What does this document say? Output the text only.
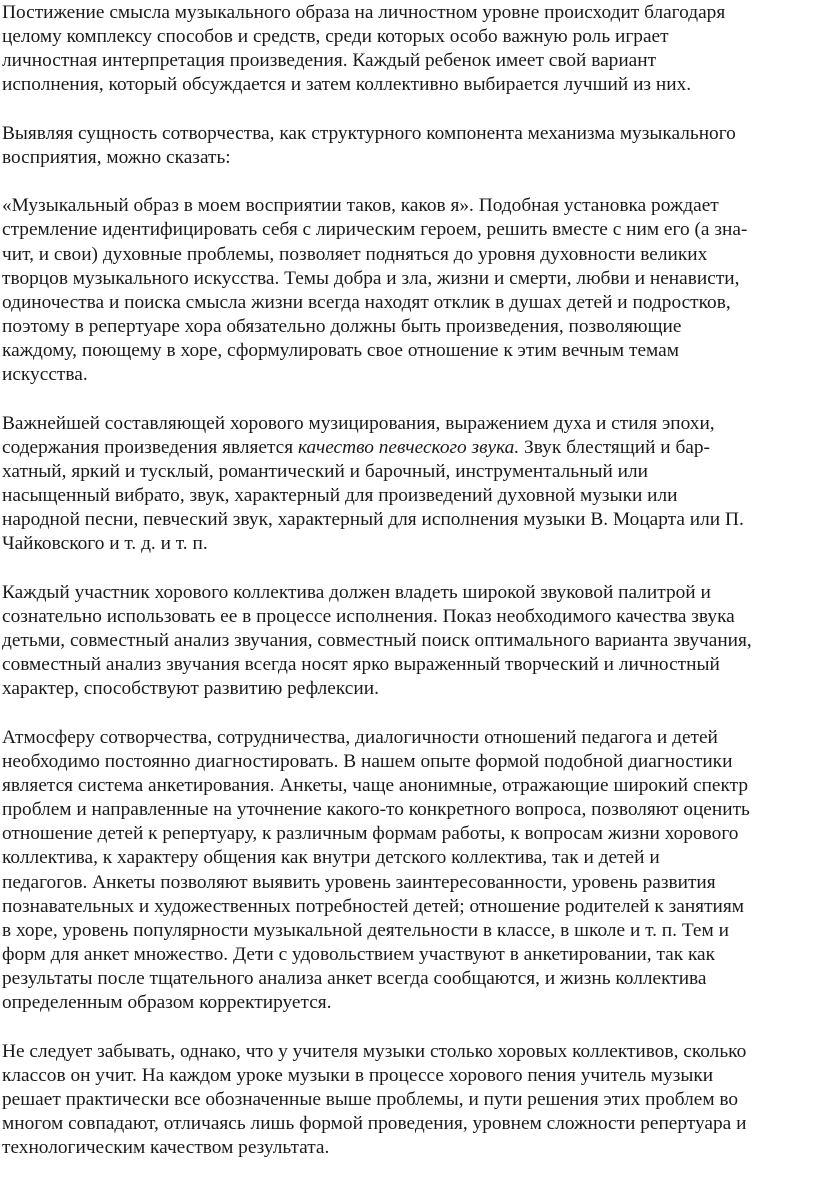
Постижение смысла музыкального образа на личностном уровне происходит благодаря
целому комплексу способов и средств, среди которых особо важную роль играет
личностная интерпретация произведения. Каждый ребенок имеет свой вариант
исполнения, который обсуждается и затем коллективно выбирается лучший из них.

Выявляя сущность сотворчества, как структурного компонента механизма музыкального
восприятия, можно сказать:

«Музыкальный образ в моем восприятии таков, каков я». Подобная установка рождает
стремление идентифицировать себя с лирическим героем, решить вместе с ним его (а зна-
чит, и свои) духовные проблемы, позволяет подняться до уровня духовности великих
творцов музыкального искусства. Темы добра и зла, жизни и смерти, любви и ненависти,
одиночества и поиска смысла жизни всегда находят отклик в душах детей и подростков,
поэтому в репертуаре хора обязательно должны быть произведения, позволяющие
каждому, поющему в хоре, сформулировать свое отношение к этим вечным темам
искусства.

Важнейшей составляющей хорового музицирования, выражением духа и стиля эпохи,
содержания произведения является качество певческого звука. Звук блестящий и бар-
хатный, яркий и тусклый, романтический и барочный, инструментальный или
насыщенный вибрато, звук, характерный для произведений духовной музыки или
народной песни, певческий звук, характерный для исполнения музыки В. Моцарта или П.
Чайковского и т. д. и т. п.

Каждый участник хорового коллектива должен владеть широкой звуковой палитрой и
сознательно использовать ее в процессе исполнения. Показ необходимого качества звука
детьми, совместный анализ звучания, совместный поиск оптимального варианта звучания,
совместный анализ звучания всегда носят ярко выраженный творческий и личностный
характер, способствуют развитию рефлексии.

Атмосферу сотворчества, сотрудничества, диалогичности отношений педагога и детей
необходимо постоянно диагностировать. В нашем опыте формой подобной диагностики
является система анкетирования. Анкеты, чаще анонимные, отражающие широкий спектр
проблем и направленные на уточнение какого-то конкретного вопроса, позволяют оценить
отношение детей к репертуару, к различным формам работы, к вопросам жизни хорового
коллектива, к характеру общения как внутри детского коллектива, так и детей и
педагогов. Анкеты позволяют выявить уровень заинтересованности, уровень развития
познавательных и художественных потребностей детей; отношение родителей к занятиям
в хоре, уровень популярности музыкальной деятельности в классе, в школе и т. п. Тем и
форм для анкет множество. Дети с удовольствием участвуют в анкетировании, так как
результаты после тщательного анализа анкет всегда сообщаются, и жизнь коллектива
определенным образом корректируется.

Не следует забывать, однако, что у учителя музыки столько хоровых коллективов, сколько
классов он учит. На каждом уроке музыки в процессе хорового пения учитель музыки
решает практически все обозначенные выше проблемы, и пути решения этих проблем во
многом совпадают, отличаясь лишь формой проведения, уровнем сложности репертуара и
технологическим качеством результата.
